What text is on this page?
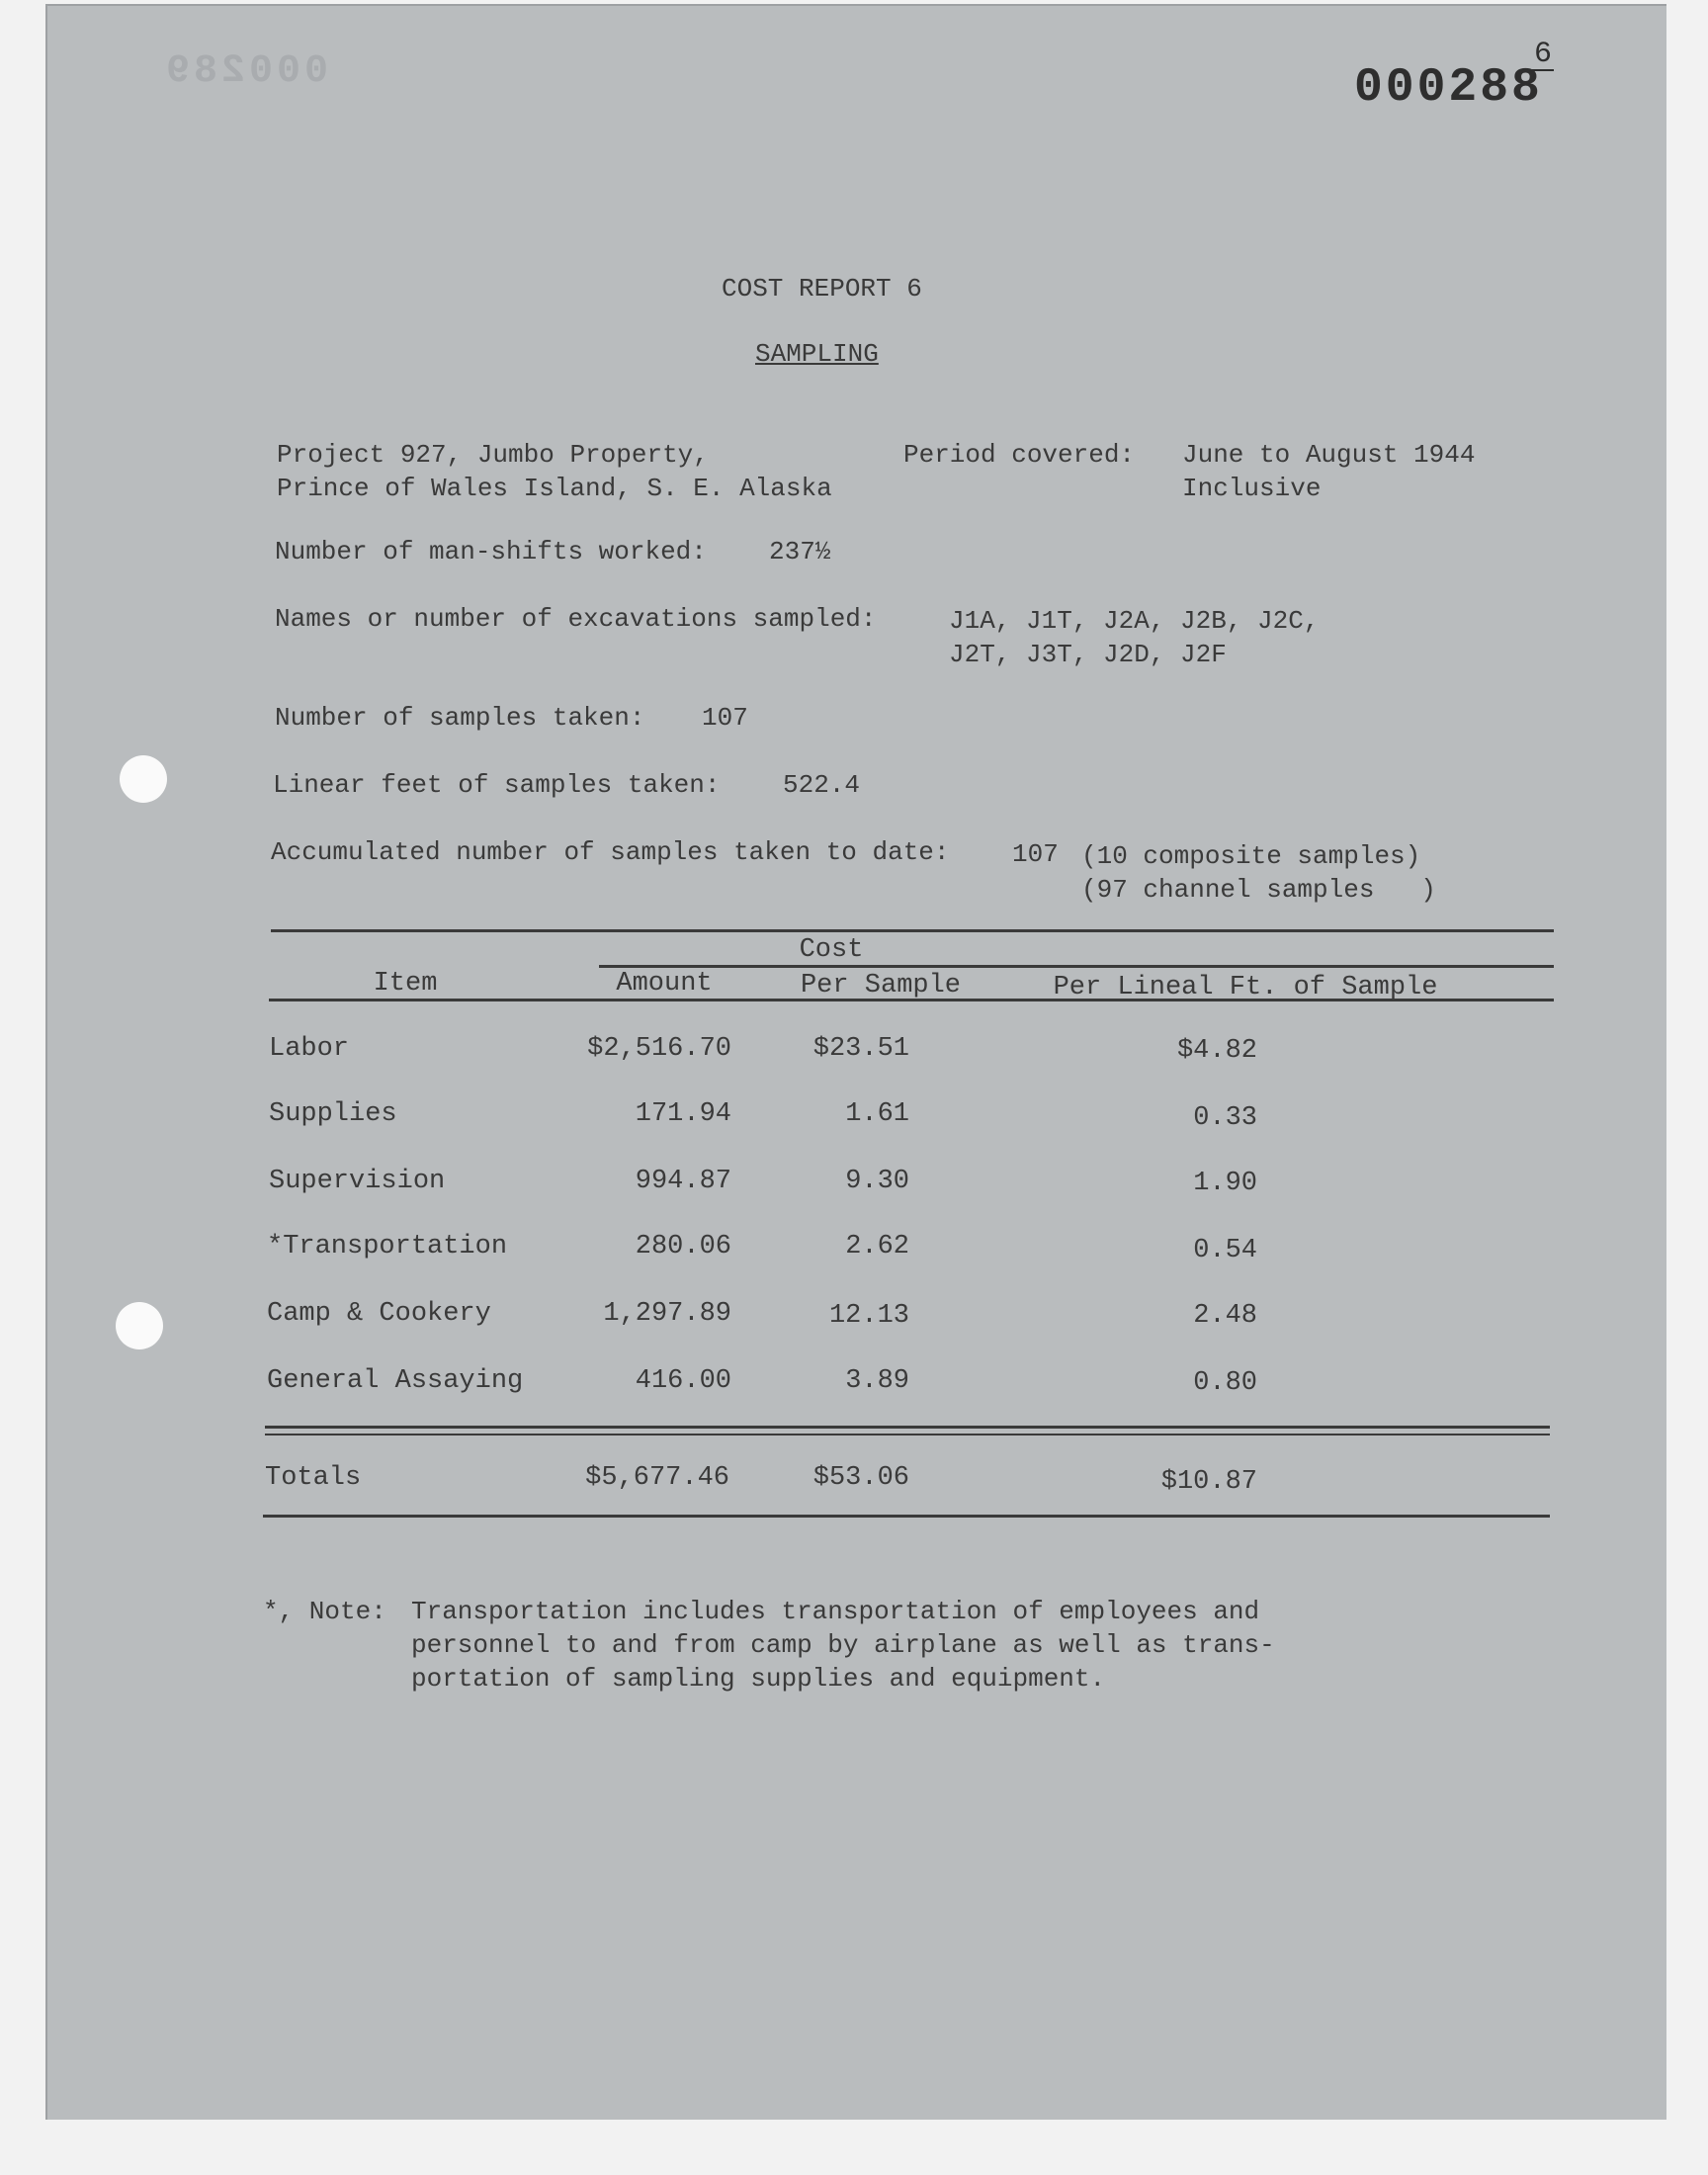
000289	000288
6
COST REPORT 6
SAMPLING
Project 927, Jumbo Property,
Prince of Wales Island, S. E. Alaska
Period covered: June to August 1944
Inclusive
Number of man-shifts worked: 237½
Names or number of excavations sampled:	J1A, J1T, J2A, J2B, J2C,
J2T, J3T, J2D, J2F
Number of samples taken: 107
Linear feet of samples taken: 522.4
Accumulated number of samples taken to date: 107 (10 composite samples)
(97 channel samples   )
Cost
Item	Amount	Per Sample	Per Lineal Ft. of Sample
Labor	$2,516.70	$23.51	$4.82
Supplies	171.94	1.61	0.33
Supervision	994.87	9.30	1.90
*Transportation	280.06	2.62	0.54
Camp & Cookery	1,297.89	12.13	2.48
General Assaying	416.00	3.89	0.80
Totals	$5,677.46	$53.06	$10.87
*, Note: Transportation includes transportation of employees and
personnel to and from camp by airplane as well as trans-
portation of sampling supplies and equipment.
